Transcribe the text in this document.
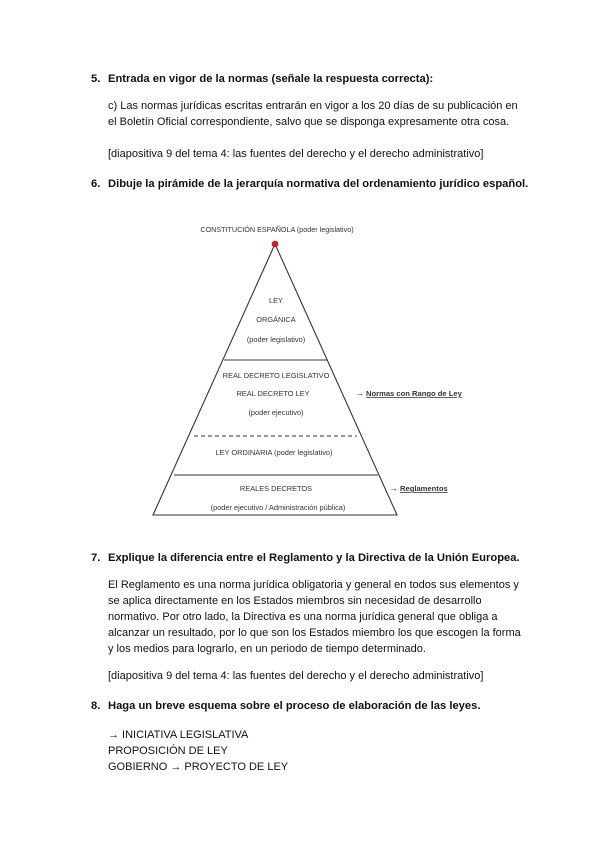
5. Entrada en vigor de la normas (señale la respuesta correcta):
c) Las normas jurídicas escritas entrarán en vigor a los 20 días de su publicación en
el Boletín Oficial correspondiente, salvo que se disponga expresamente otra cosa.
[diapositiva 9 del tema 4: las fuentes del derecho y el derecho administrativo]
6. Dibuje la pirámide de la jerarquía normativa del ordenamiento jurídico español.
CONSTITUCIÓN ESPAÑOLA (poder legislativo)
LEY
ORGÁNICA
(poder legislativo)
REAL DECRETO LEGISLATIVO
REAL DECRETO LEY
(poder ejecutivo)
LEY ORDINARIA (poder legislativo)
REALES DECRETOS
(poder ejecutivo / Administración pública)
→ Normas con Rango de Ley
→ Reglamentos
7. Explique la diferencia entre el Reglamento y la Directiva de la Unión Europea.
El Reglamento es una norma jurídica obligatoria y general en todos sus elementos y
se aplica directamente en los Estados miembros sin necesidad de desarrollo
normativo. Por otro lado, la Directiva es una norma jurídica general que obliga a
alcanzar un resultado, por lo que son los Estados miembro los que escogen la forma
y los medios para lograrlo, en un periodo de tiempo determinado.
[diapositiva 9 del tema 4: las fuentes del derecho y el derecho administrativo]
8. Haga un breve esquema sobre el proceso de elaboración de las leyes.
→ INICIATIVA LEGISLATIVA
PROPOSICIÓN DE LEY
GOBIERNO → PROYECTO DE LEY
